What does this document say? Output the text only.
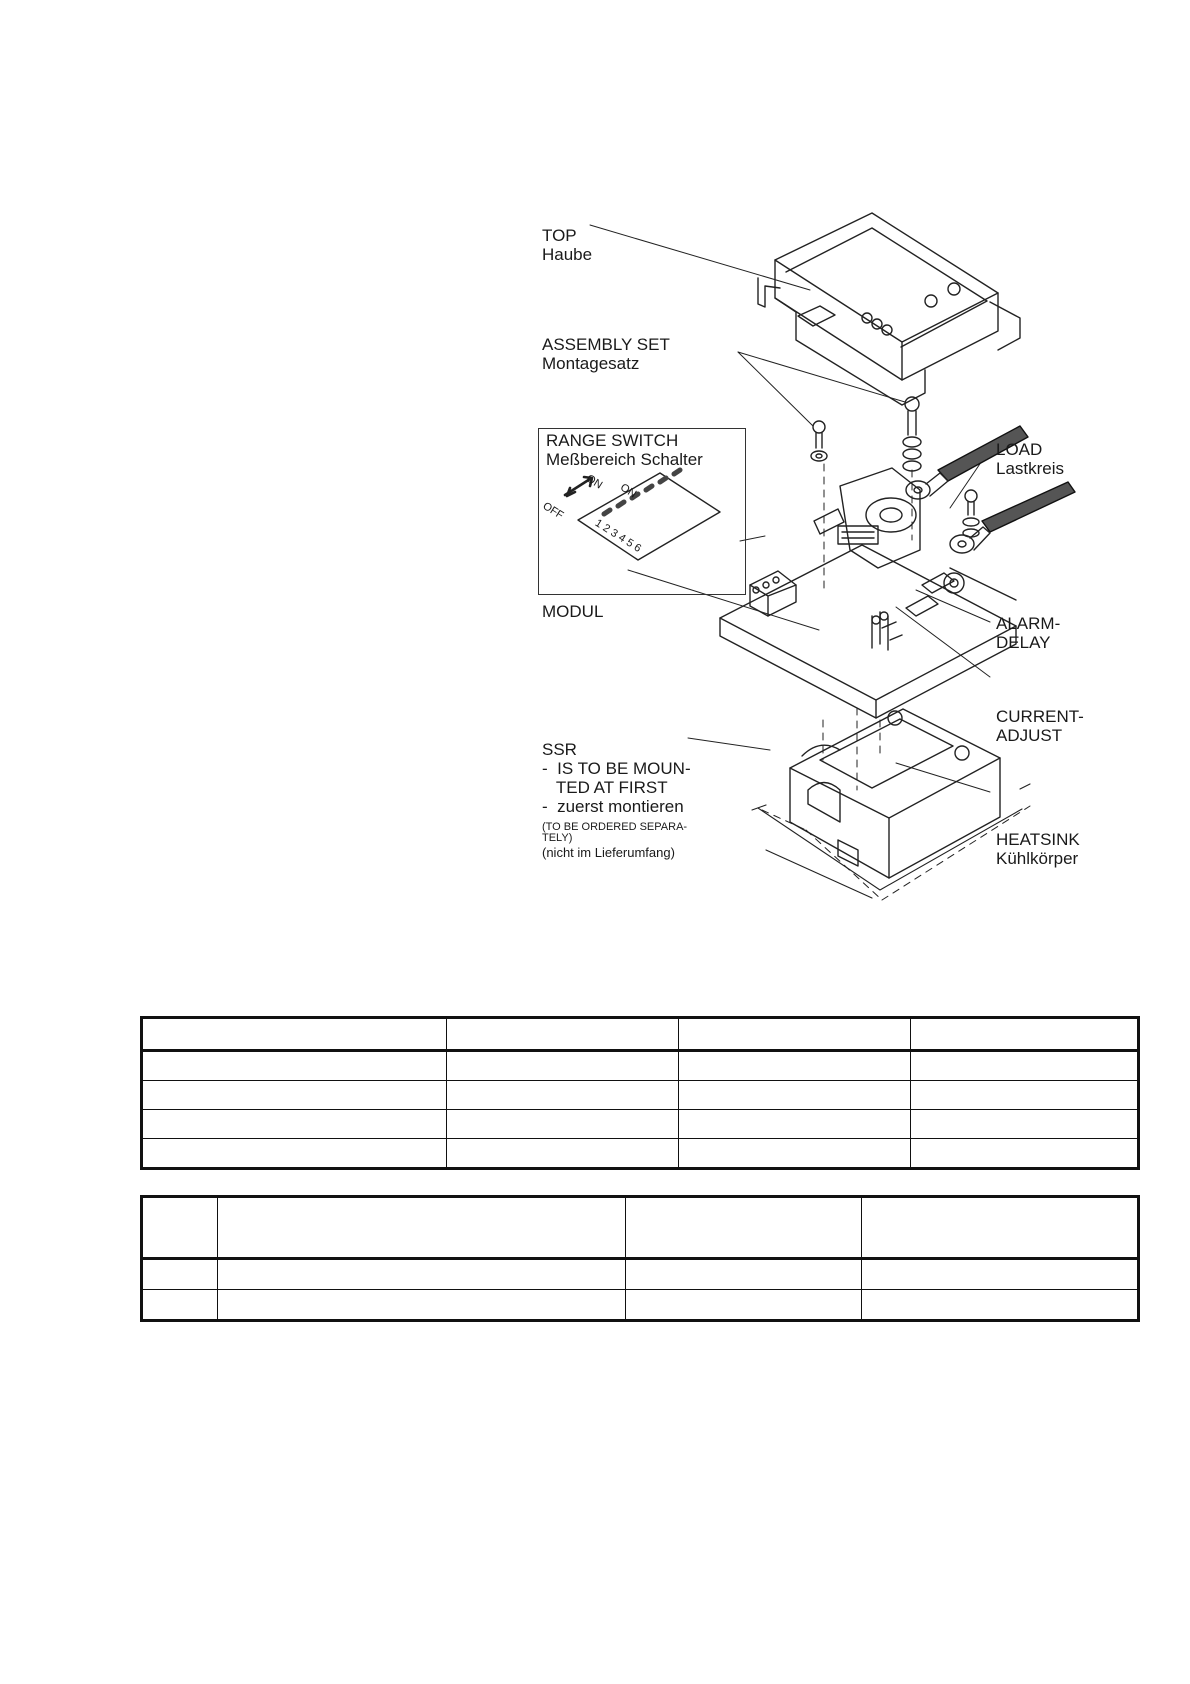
TOP
Haube
ASSEMBLY SET
Montagesatz
RANGE SWITCH
Meßbereich Schalter
ON
OFF
ON
1 2 3 4 5 6
LOAD
Lastkreis
MODUL
ALARM-
DELAY
CURRENT-
ADJUST
SSR
-  IS TO BE MOUN-
TED AT FIRST
-  zuerst montieren
(TO BE ORDERED SEPARA-
TELY)
(nicht im Lieferumfang)
HEATSINK
Kühlkörper
